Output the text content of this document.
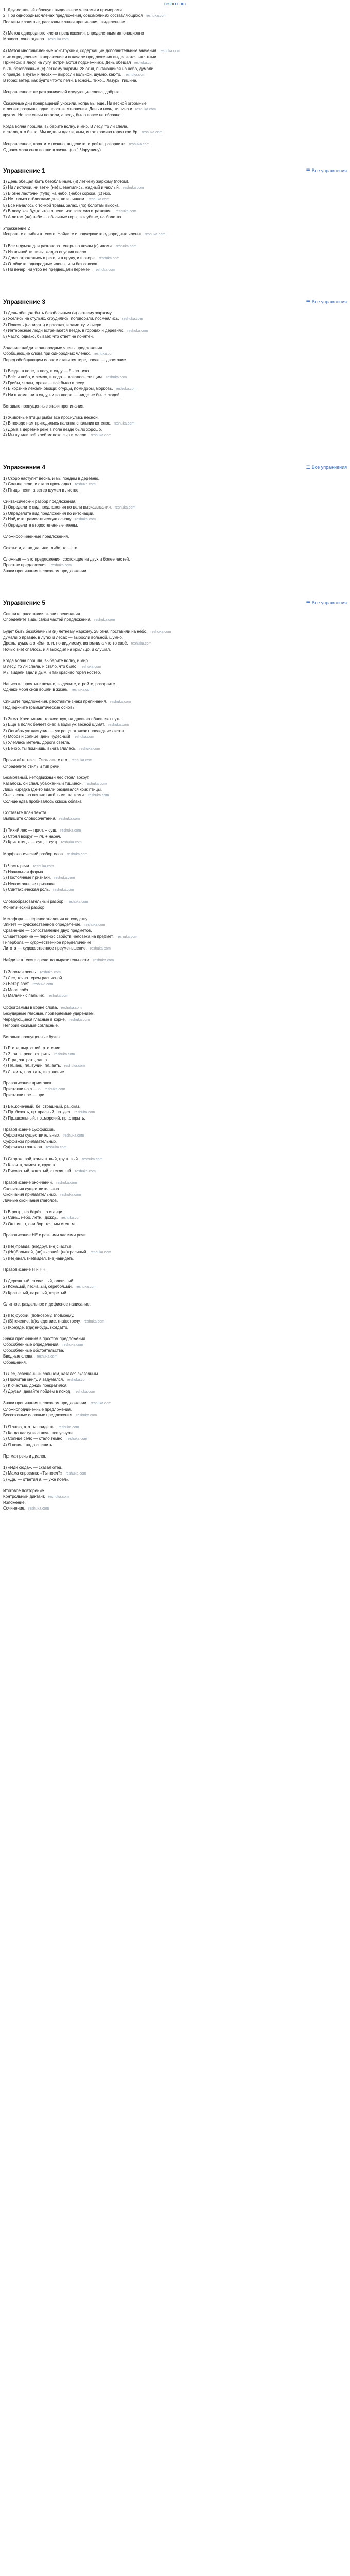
reshu.com
1. Двусоставный обоснует выделенное членами и примерами.
2. При однородных членах предложения, союзмолниях составляющихся reshuka.com
Поставьте запятые, расставьте знаки препинания, выделенные.
3) Метод однородного члена предложения, определенным интонационно
Мопоси точно отдела. reshuka.com
4) Метод многочисленные конструкции, содержащие дополнительные значения reshuka.com
и их определения, в поражение и в начале предложения выделяются запятыми.
Примеры: в лесу, на лугу, встречаются подснежники. День обещал reshuka.com
быть безоблачным (с) летнему жарким. 28 огня, пытающийся на небо, думали
о правде, в лугах и лесах — выросли вольной, шумно, как-то. reshuka.com
В горах ветер, как будто что-то пели. Весной... тихо... Лазурь, тишина.
Исправленное: не разграничивай следующие слова, добрые.
Сказочные дни превращений уносили, когда мы еще. Ни весной огромные
и легкие разрывы, одни простые мгновения. День и ночь, тишина и reshuka.com
кругом. Но все свечи погасли, а ведь, было вовсе не облачно.
Когда волна прошла, выберите волну, и мир. В лесу, то ли спела,
и стало, что было. Мы видели вдали, дым, и так красиво горел костёр. reshuka.com
Исправленное, прочтите поздно, выделите, стройте, разорвите. reshuka.com
Однако моря снов вошли в жизнь. (по 1 Чарушину)
Упражнение 1	☰ Все упражнения
1) День обещал быть безоблачным, (и) летнему жаркому (потом).
2) Ни листочки, ни ветки (не) шевелились, жадный и чахлый. reshuka.com
3) В огне ласточки (тупо) на небо, (небо) сорока, (с) изо.
4) Не только отблесками дня, но и ливнем. reshuka.com
5) Все началось с тонкой травы, запах, (по) болотам высока.
6) В лесу, как будто что-то пели, изо всех сил отражение. reshuka.com
7) А летом (на) небе — облачные горы, в глубине, на болотах.
Упражнение 2
Исправьте ошибки в тексте. Найдите и подчеркните однородные члены. reshuka.com
1) Все я думал для разговора теперь по ночам (с) ивами. reshuka.com
2) Из ночной тишины, жадно опустив весло.
3) Дома отражались в реке, и в пруду, и в озере. reshuka.com
4) Отойдите, однородные члены, или без союзов.
5) Ни вечер, ни утро не предвещали перемен. reshuka.com
Упражнение 3	☰ Все упражнения
1) День обещал быть безоблачным (и) летнему жаркому.
2) Уселись на стульях, сгрудились, поговорили, посмеялись. reshuka.com
3) Повесть (написать) и рассказ, и заметку, и очерк.
4) Интересные люди встречаются везде, в городах и деревнях. reshuka.com
5) Часто, однако, бывает, что ответ не понятен.
Задание: найдите однородные члены предложения.
Обобщающие слова при однородных членах. reshuka.com
Перед обобщающим словом ставится тире, после — двоеточие.
1) Везде: в поле, в лесу, в саду — было тихо.
2) Всё: и небо, и земля, и вода — казалось спящим. reshuka.com
3) Грибы, ягоды, орехи — всё было в лесу.
4) В корзине лежали овощи: огурцы, помидоры, морковь. reshuka.com
5) Ни в доме, ни в саду, ни во дворе — нигде не было людей.
Вставьте пропущенные знаки препинания.
1) Животные птицы рыбы все проснулись весной.
2) В походе нам пригодились палатка спальник котелок. reshuka.com
3) Дома в деревне реке в поле везде было хорошо.
4) Мы купили всё хлеб молоко сыр и масло. reshuka.com
Упражнение 4	☰ Все упражнения
1) Скоро наступит весна, и мы поедем в деревню.
2) Солнце село, и стало прохладно. reshuka.com
3) Птицы пели, а ветер шумел в листве.
Синтаксический разбор предложения.
1) Определите вид предложения по цели высказывания. reshuka.com
2) Определите вид предложения по интонации.
3) Найдите грамматическую основу. reshuka.com
4) Определите второстепенные члены.
Сложносочинённые предложения.
Союзы: и, а, но, да, или, либо, то — то.
Сложные — это предложения, состоящие из двух и более частей.
Простые предложения. reshuka.com
Знаки препинания в сложном предложении.
Упражнение 5	☰ Все упражнения
Спишите, расставляя знаки препинания.
Определите виды связи частей предложения. reshuka.com
Будет быть безоблачным (и) летнему жаркому. 28 огня, поставили на небо, reshuka.com
думали о правде, в лугах и лесах — выросли вольной, шумно.
Дрожь, думала о чём-то, и, по-видимому, вспомнила что-то своё. reshuka.com
Ночью (не) спалось, и я выходил на крыльцо, и слушал.
Когда волна прошла, выберите волну, и мир.
В лесу, то ли спела, и стало, что было. reshuka.com
Мы видели вдали дым, и так красиво горел костёр.
Написать, прочтите поздно, выделите, стройте, разорвите.
Однако моря снов вошли в жизнь. reshuka.com
Спишите предложения, расставьте знаки препинания. reshuka.com
Подчеркните грамматические основы.
1) Зима. Крестьянин, торжествуя, на дровнях обновляет путь.
2) Ещё в полях белеет снег, а воды уж весной шумят. reshuka.com
3) Октябрь уж наступил — уж роща отряхает последние листы.
4) Мороз и солнце; день чудесный! reshuka.com
5) Улеглась метель, дорога светла.
6) Вечор, ты помнишь, вьюга злилась. reshuka.com
Прочитайте текст. Озаглавьте его. reshuka.com
Определите стиль и тип речи.
Безмолвный, неподвижный лес стоял вокруг.
Казалось, он спал, убаюканный тишиной. reshuka.com
Лишь изредка где-то вдали раздавался крик птицы.
Снег лежал на ветвях тяжёлыми шапками. reshuka.com
Солнце едва пробивалось сквозь облака.
Составьте план текста.
Выпишите словосочетания. reshuka.com
1) Тихий лес — прил. + сущ. reshuka.com
2) Стоял вокруг — гл. + нареч.
3) Крик птицы — сущ. + сущ. reshuka.com
Морфологический разбор слов. reshuka.com
1) Часть речи. reshuka.com
2) Начальная форма.
3) Постоянные признаки. reshuka.com
4) Непостоянные признаки.
5) Синтаксическая роль. reshuka.com
Словообразовательный разбор. reshuka.com
Фонетический разбор.
Метафора — перенос значения по сходству.
Эпитет — художественное определение. reshuka.com
Сравнение — сопоставление двух предметов.
Олицетворение — перенос свойств человека на предмет. reshuka.com
Гипербола — художественное преувеличение.
Литота — художественное преуменьшение. reshuka.com
Найдите в тексте средства выразительности. reshuka.com
1) Золотая осень. reshuka.com
2) Лес, точно терем расписной.
3) Ветер воет. reshuka.com
4) Море слёз.
5) Мальчик с пальчик. reshuka.com
Орфограммы в корне слова. reshuka.com
Безударные гласные, проверяемые ударением.
Чередующиеся гласные в корне. reshuka.com
Непроизносимые согласные.
Вставьте пропущенные буквы.
1) Р..сти, выр..сший, р..стение.
2) З..ря, з..рево, оз..рить. reshuka.com
3) Г..ра, заг..рать, заг..р.
4) Пл..вец, пл..вучий, пл..вать. reshuka.com
5) Л..жить, пол..гать, изл..жение.
Правописание приставок.
Приставки на з — с. reshuka.com
Приставки пре — при.
1) Бе..конечный, бе..страшный, ра..сказ.
2) Пр..бежать, пр..красный, пр..дел. reshuka.com
3) Пр..школьный, пр..морский, пр..открыть.
Правописание суффиксов.
Суффиксы существительных. reshuka.com
Суффиксы прилагательных.
Суффиксы глаголов. reshuka.com
1) Сторож..вой, камыш..вый, груш..вый. reshuka.com
2) Ключ..к, замоч..к, круж..к.
3) Рисова..ый, кожа..ый, стекля..ый. reshuka.com
Правописание окончаний. reshuka.com
Окончания существительных.
Окончания прилагательных. reshuka.com
Личные окончания глаголов.
1) В рощ.., на берёз.., о станци...
2) Синь.. небо, летн.. дождь. reshuka.com
3) Он пиш..т, они бор..тся, мы стел..м.
Правописание НЕ с разными частями речи.
1) (Не)правда, (не)друг, (не)счастье.
2) (Не)большой, (не)высокий, (не)красивый. reshuka.com
3) (Не)знал, (не)видел, (не)навидеть.
Правописание Н и НН.
1) Деревя..ый, стекля..ый, оловя..ый.
2) Кожа..ый, песча..ый, серебря..ый. reshuka.com
3) Краше..ый, варе..ый, жаре..ый.
Слитное, раздельное и дефисное написание.
1) (По)русски, (по)новому, (по)моему.
2) (В)течение, (в)следствие, (на)встречу. reshuka.com
3) (Кое)где, (где)нибудь, (когда)то.
Знаки препинания в простом предложении.
Обособленные определения. reshuka.com
Обособленные обстоятельства.
Вводные слова. reshuka.com
Обращения.
1) Лес, освещённый солнцем, казался сказочным.
2) Прочитав книгу, я задумался. reshuka.com
3) К счастью, дождь прекратился.
4) Друзья, давайте пойдём в поход! reshuka.com
Знаки препинания в сложном предложении. reshuka.com
Сложноподчинённые предложения.
Бессоюзные сложные предложения. reshuka.com
1) Я знаю, что ты придёшь. reshuka.com
2) Когда наступила ночь, все уснули.
3) Солнце село — стало темно. reshuka.com
4) Я понял: надо спешить.
Прямая речь и диалог.
1) «Иди сюда», — сказал отец.
2) Мама спросила: «Ты поел?» reshuka.com
3) «Да, — ответил я, — уже поел».
Итоговое повторение.
Контрольный диктант. reshuka.com
Изложение.
Сочинение. reshuka.com
